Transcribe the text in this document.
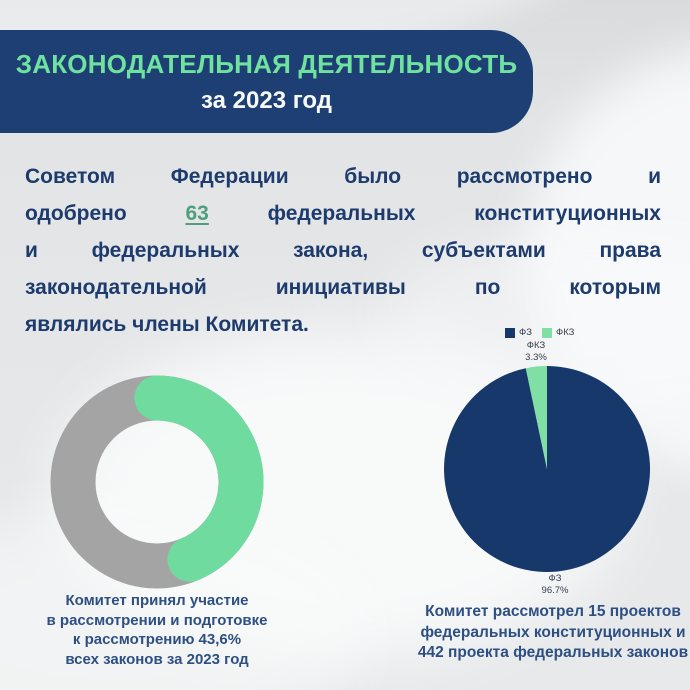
ЗАКОНОДАТЕЛЬНАЯ ДЕЯТЕЛЬНОСТЬ
за 2023 год
Советом Федерации было рассмотрено и
одобрено 63 федеральных конституционных
и федеральных закона, субъектами права
законодательной инициативы по которым
являлись члены Комитета.
Комитет принял участие
в рассмотрении и подготовке
к рассмотрению 43,6%
всех законов за 2023 год
ФЗ	ФКЗ
ФКЗ
3.3%
ФЗ
96.7%
Комитет рассмотрел 15 проектов
федеральных конституционных и
442 проекта федеральных законов
